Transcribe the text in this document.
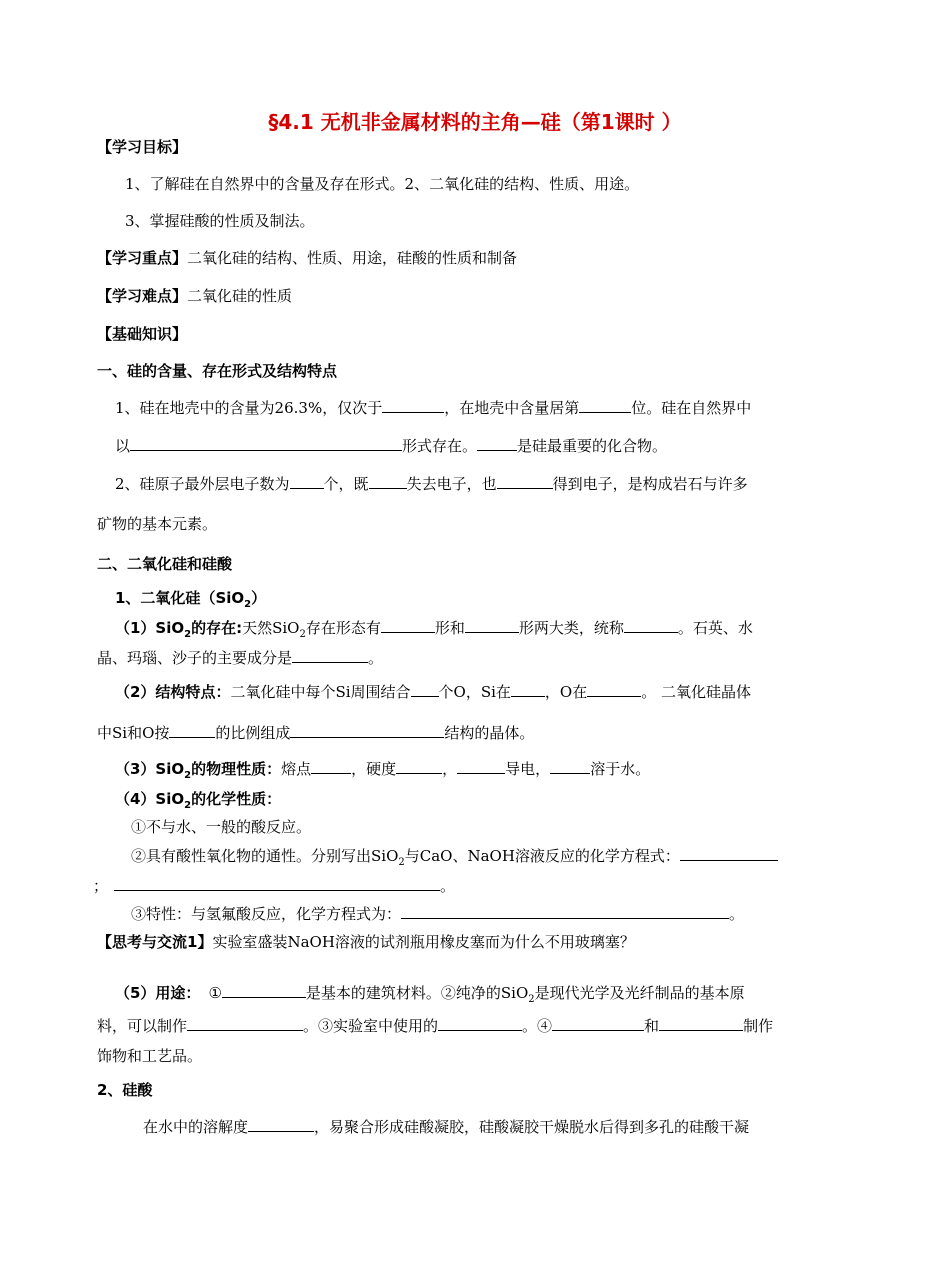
§4.1 无机非金属材料的主角—硅（第1课时 ）
【学习目标】
1、了解硅在自然界中的含量及存在形式。2、二氧化硅的结构、性质、用途。
3、掌握硅酸的性质及制法。
【学习重点】二氧化硅的结构、性质、用途，硅酸的性质和制备
【学习难点】二氧化硅的性质
【基础知识】
一、硅的含量、存在形式及结构特点
1、硅在地壳中的含量为26.3%，仅次于	，在地壳中含量居第	位。硅在自然界中
以	形式存在。	是硅最重要的化合物。
2、硅原子最外层电子数为 个，既	失去电子，也	得到电子，是构成岩石与许多
矿物的基本元素。
二、二氧化硅和硅酸
1、二氧化硅（SiO$_2$）
（1）SiO$_2$的存在:天然SiO$_2$存在形态有	形和	形两大类，统称	。石英、水
晶、玛瑙、沙子的主要成分是	。
（2）结构特点：二氧化硅中每个Si周围结合 个O，Si在 ，O在	。 二氧化硅晶体
中Si和O按	的比例组成	结构的晶体。
（3）SiO$_2$的物理性质：熔点	，硬度	，	导电，	溶于水。
（4）SiO$_2$的化学性质：
①不与水、一般的酸反应。
②具有酸性氧化物的通性。分别写出SiO$_2$与CaO、NaOH溶液反应的化学方程式：
；	。
③特性：与氢氟酸反应，化学方程式为：	。
【思考与交流1】实验室盛装NaOH溶液的试剂瓶用橡皮塞而为什么不用玻璃塞？
（5）用途： ①	是基本的建筑材料。②纯净的SiO$_2$是现代光学及光纤制品的基本原
料，可以制作	。③实验室中使用的	。④	和	制作
饰物和工艺品。
2、硅酸
在水中的溶解度	，易聚合形成硅酸凝胶，硅酸凝胶干燥脱水后得到多孔的硅酸干凝
